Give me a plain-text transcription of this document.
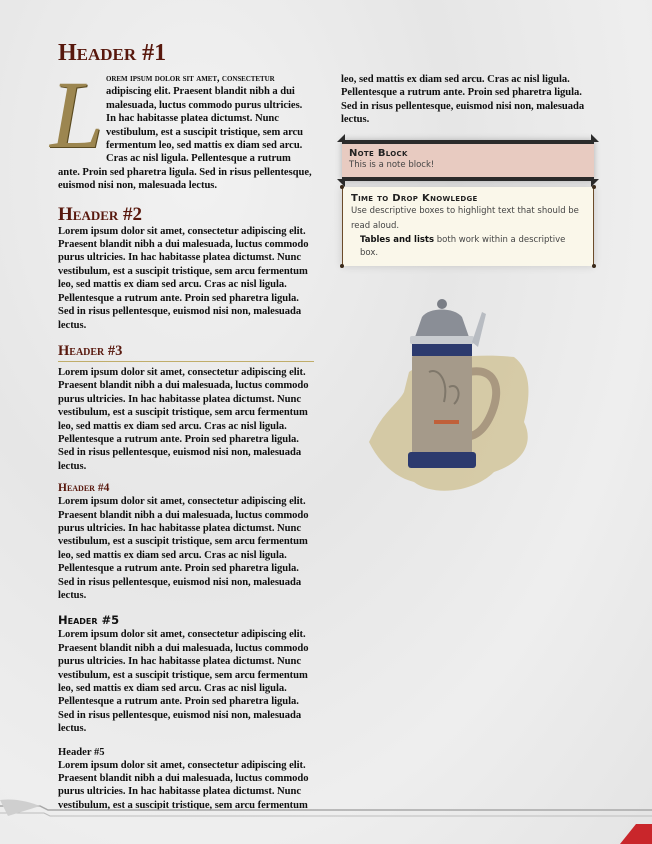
Header #1
L orem ipsum dolor sit amet, consectetur adipiscing elit. Praesent blandit nibh a dui malesuada, luctus commodo purus ultricies. In hac habitasse platea dictumst. Nunc vestibulum, est a suscipit tristique, sem arcu fermentum leo, sed mattis ex diam sed arcu. Cras ac nisl ligula. Pellentesque a rutrum ante. Proin sed pharetra ligula. Sed in risus pellentesque, euismod nisi non, malesuada lectus.

Header #2

Lorem ipsum dolor sit amet, consectetur adipiscing elit. Praesent blandit nibh a dui malesuada, luctus commodo purus ultricies. In hac habitasse platea dictumst. Nunc vestibulum, est a suscipit tristique, sem arcu fermentum leo, sed mattis ex diam sed arcu. Cras ac nisl ligula. Pellentesque a rutrum ante. Proin sed pharetra ligula. Sed in risus pellentesque, euismod nisi non, malesuada lectus.

Header #3

Lorem ipsum dolor sit amet, consectetur adipiscing elit. Praesent blandit nibh a dui malesuada, luctus commodo purus ultricies. In hac habitasse platea dictumst. Nunc vestibulum, est a suscipit tristique, sem arcu fermentum leo, sed mattis ex diam sed arcu. Cras ac nisl ligula. Pellentesque a rutrum ante. Proin sed pharetra ligula. Sed in risus pellentesque, euismod nisi non, malesuada lectus.

Header #4

Lorem ipsum dolor sit amet, consectetur adipiscing elit. Praesent blandit nibh a dui malesuada, luctus commodo purus ultricies. In hac habitasse platea dictumst. Nunc vestibulum, est a suscipit tristique, sem arcu fermentum leo, sed mattis ex diam sed arcu. Cras ac nisl ligula. Pellentesque a rutrum ante. Proin sed pharetra ligula. Sed in risus pellentesque, euismod nisi non, malesuada lectus.

Header #5

Lorem ipsum dolor sit amet, consectetur adipiscing elit. Praesent blandit nibh a dui malesuada, luctus commodo purus ultricies. In hac habitasse platea dictumst. Nunc vestibulum, est a suscipit tristique, sem arcu fermentum leo, sed mattis ex diam sed arcu. Cras ac nisl ligula. Pellentesque a rutrum ante. Proin sed pharetra ligula. Sed in risus pellentesque, euismod nisi non, malesuada lectus.

Header #5

Lorem ipsum dolor sit amet, consectetur adipiscing elit. Praesent blandit nibh a dui malesuada, luctus commodo purus ultricies. In hac habitasse platea dictumst. Nunc vestibulum, est a suscipit tristique, sem arcu fermentum

leo, sed mattis ex diam sed arcu. Cras ac nisl ligula. Pellentesque a rutrum ante. Proin sed pharetra ligula. Sed in risus pellentesque, euismod nisi non, malesuada lectus.

Note Block
This is a note block!
Time to Drop Knowledge
Use descriptive boxes to highlight text that should be read aloud.
Tables and lists both work within a descriptive box.
